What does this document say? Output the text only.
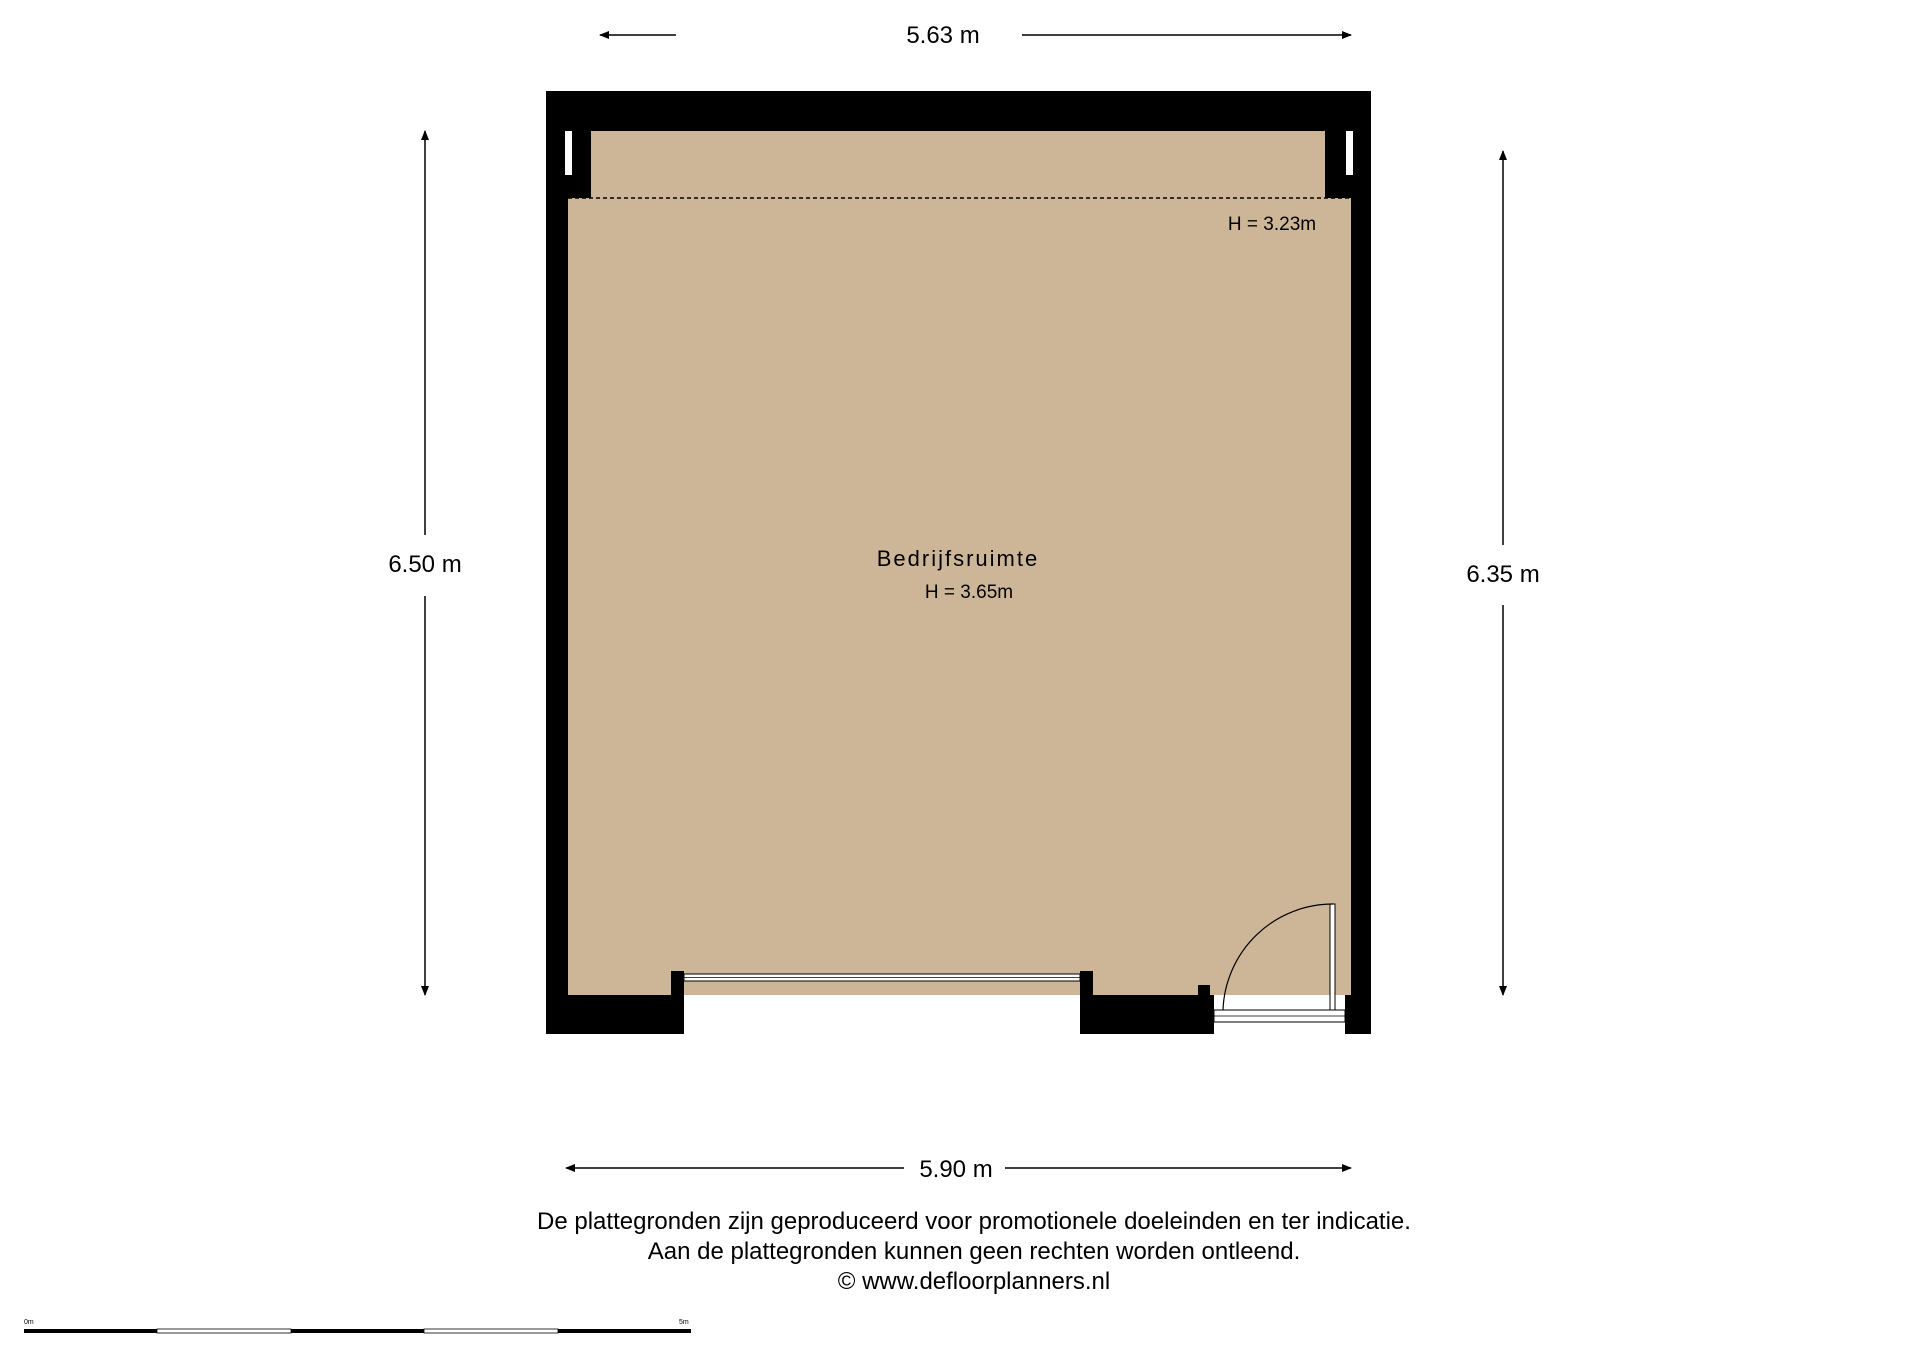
5.63 m
5.90 m
6.50 m	6.35 m
Bedrijfsruimte
H = 3.65m
H = 3.23m
0m	5m
De plattegronden zijn geproduceerd voor promotionele doeleinden en ter indicatie.
Aan de plattegronden kunnen geen rechten worden ontleend.
© www.defloorplanners.nl
